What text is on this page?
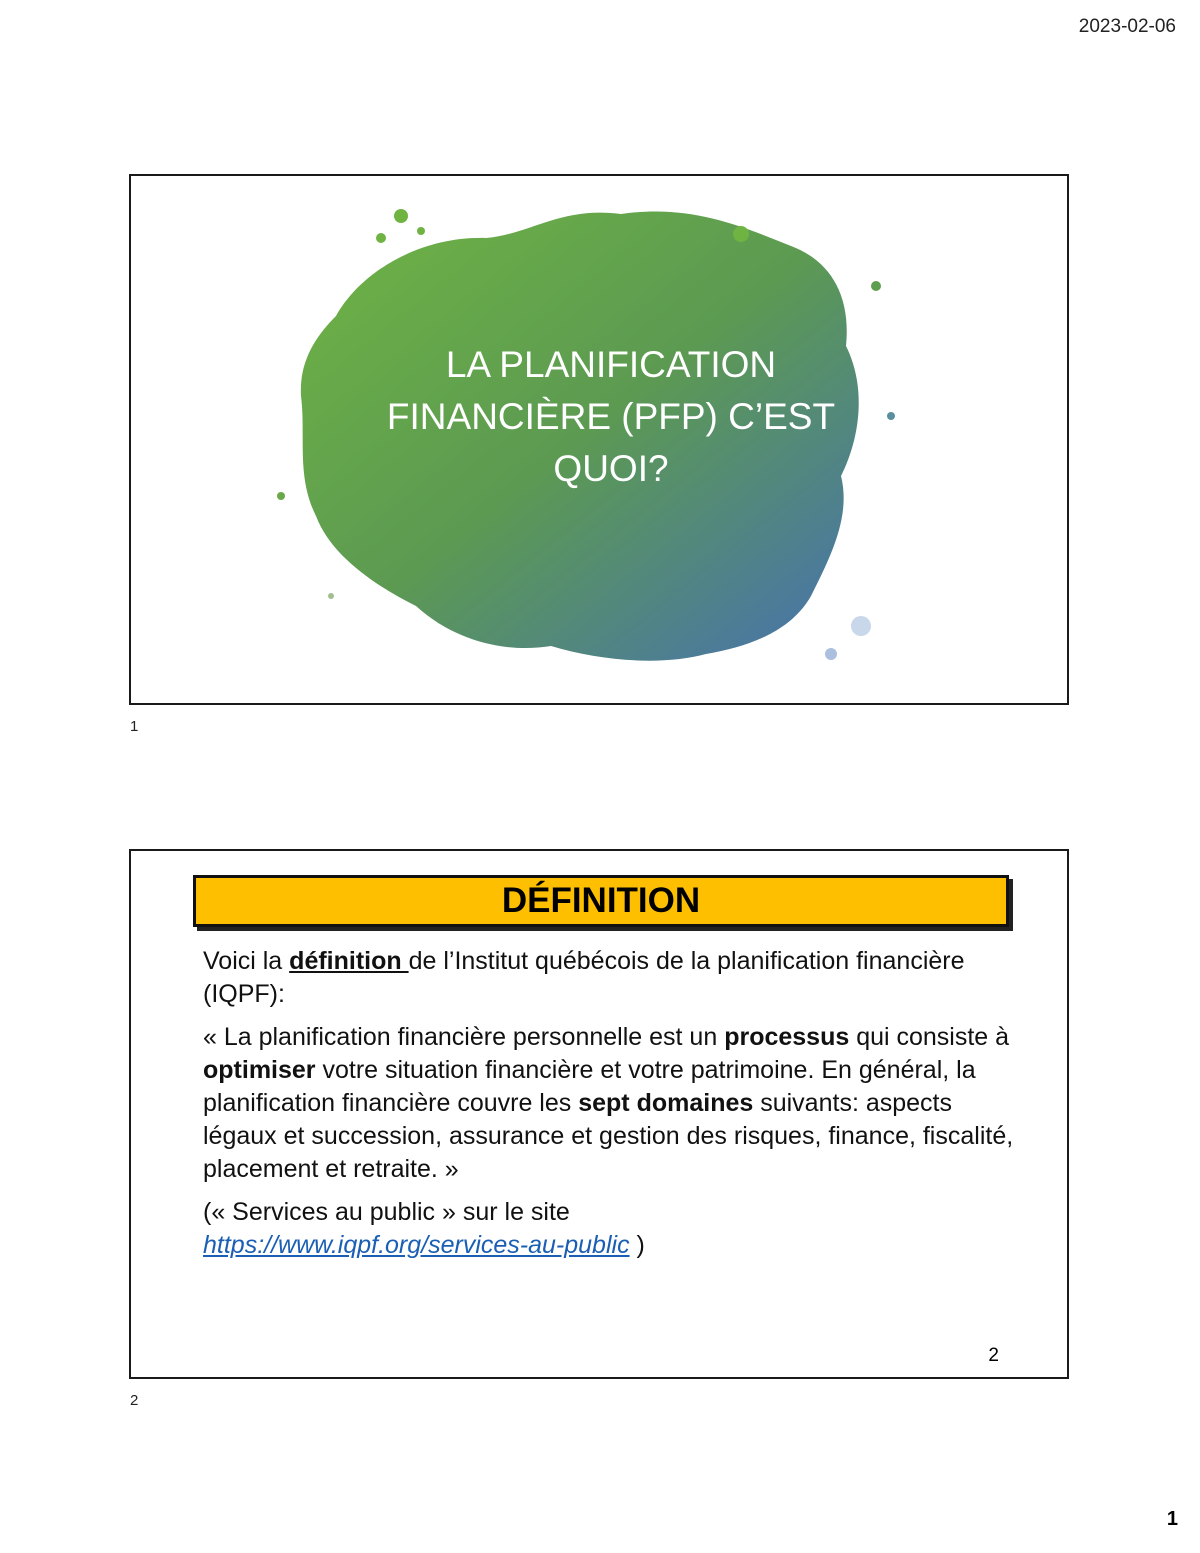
2023-02-06
LA PLANIFICATION
FINANCIÈRE (PFP) C’EST
QUOI?
1
DÉFINITION

Voici la définition de l’Institut québécois de la planification financière (IQPF):

« La planification financière personnelle est un processus qui consiste à optimiser votre situation financière et votre patrimoine. En général, la planification financière couvre les sept domaines suivants: aspects légaux et succession, assurance et gestion des risques, finance, fiscalité, placement et retraite. »

(« Services au public » sur le site
https://www.iqpf.org/services-au-public )

2
2
1
